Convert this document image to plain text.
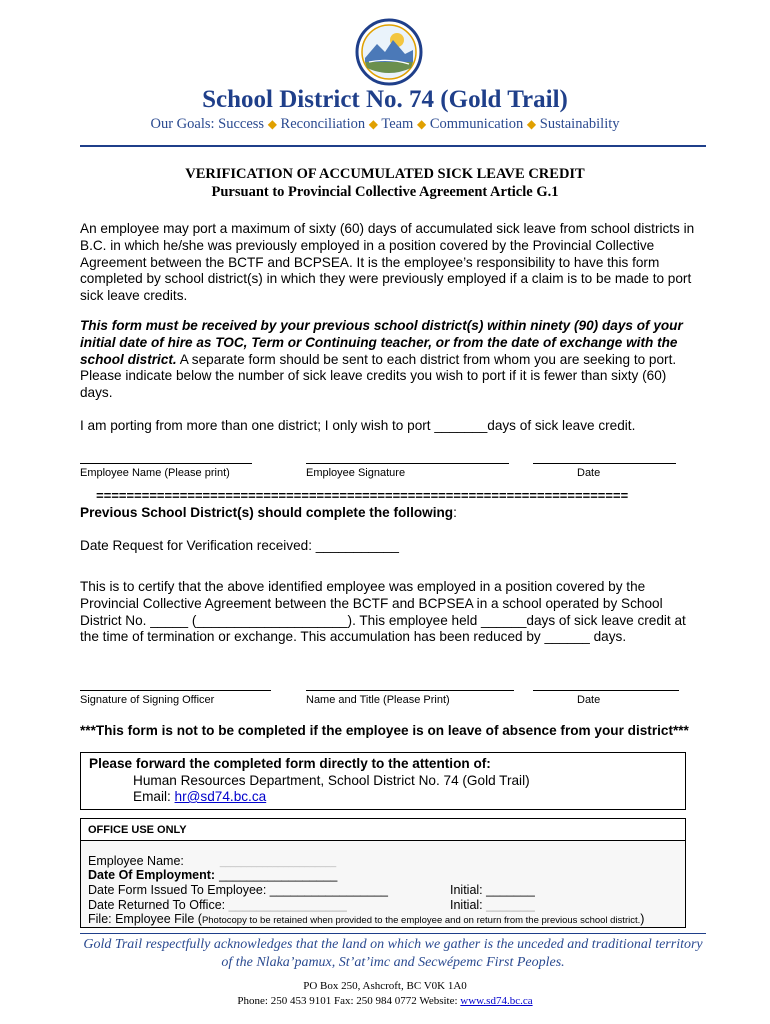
School District No. 74 (Gold Trail)
Our Goals: Success ◆ Reconciliation ◆ Team ◆ Communication ◆ Sustainability
VERIFICATION OF ACCUMULATED SICK LEAVE CREDIT
Pursuant to Provincial Collective Agreement Article G.1

An employee may port a maximum of sixty (60) days of accumulated sick leave from school districts in B.C. in which he/she was previously employed in a position covered by the Provincial Collective Agreement between the BCTF and BCPSEA. It is the employee’s responsibility to have this form completed by school district(s) in which they were previously employed if a claim is to be made to port sick leave credits.

This form must be received by your previous school district(s) within ninety (90) days of your initial date of hire as TOC, Term or Continuing teacher, or from the date of exchange with the school district. A separate form should be sent to each district from whom you are seeking to port. Please indicate below the number of sick leave credits you wish to port if it is fewer than sixty (60) days.

I am porting from more than one district; I only wish to port _______days of sick leave credit.

Employee Name (Please print)	Employee Signature	Date
======================================================================
Previous School District(s) should complete the following:

Date Request for Verification received: ___________

This is to certify that the above identified employee was employed in a position covered by the Provincial Collective Agreement between the BCTF and BCPSEA in a school operated by School District No. _____ (____________________). This employee held ______days of sick leave credit at the time of termination or exchange. This accumulation has been reduced by ______ days.

Signature of Signing Officer	Name and Title (Please Print)	Date

***This form is not to be completed if the employee is on leave of absence from your district***

Please forward the completed form directly to the attention of:
Human Resources Department, School District No. 74 (Gold Trail)
Email: hr@sd74.bc.ca
OFFICE USE ONLY
Employee Name:	______________________
Date Of Employment: _________________
Date Form Issued To Employee: _________________	Initial: _______
Date Returned To Office: _________________	Initial: _______
File: Employee File (Photocopy to be retained when provided to the employee and on return from the previous school district.)
Gold Trail respectfully acknowledges that the land on which we gather is the unceded and traditional territory of the Nlaka’pamux, St’at’imc and Secwépemc First Peoples.
PO Box 250, Ashcroft, BC V0K 1A0
Phone: 250 453 9101 Fax: 250 984 0772 Website: www.sd74.bc.ca
